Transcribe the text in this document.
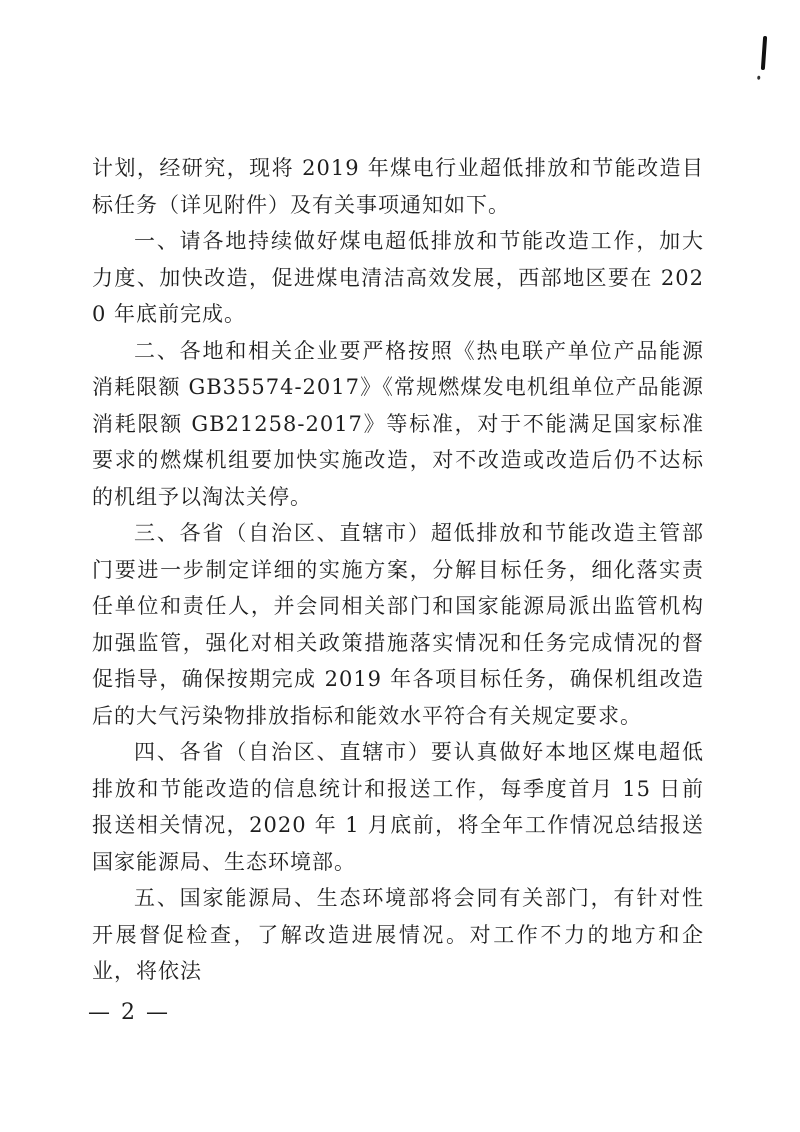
计划，经研究，现将 2019 年煤电行业超低排放和节能改造目标任务（详见附件）及有关事项通知如下。

一、请各地持续做好煤电超低排放和节能改造工作，加大力度、加快改造，促进煤电清洁高效发展，西部地区要在 2020 年底前完成。

二、各地和相关企业要严格按照《热电联产单位产品能源消耗限额 GB35574-2017》《常规燃煤发电机组单位产品能源消耗限额 GB21258-2017》等标准，对于不能满足国家标准要求的燃煤机组要加快实施改造，对不改造或改造后仍不达标的机组予以淘汰关停。

三、各省（自治区、直辖市）超低排放和节能改造主管部门要进一步制定详细的实施方案，分解目标任务，细化落实责任单位和责任人，并会同相关部门和国家能源局派出监管机构加强监管，强化对相关政策措施落实情况和任务完成情况的督促指导，确保按期完成 2019 年各项目标任务，确保机组改造后的大气污染物排放指标和能效水平符合有关规定要求。

四、各省（自治区、直辖市）要认真做好本地区煤电超低排放和节能改造的信息统计和报送工作，每季度首月 15 日前报送相关情况，2020 年 1 月底前，将全年工作情况总结报送国家能源局、生态环境部。

五、国家能源局、生态环境部将会同有关部门，有针对性开展督促检查，了解改造进展情况。对工作不力的地方和企业，将依法

— 2 —
